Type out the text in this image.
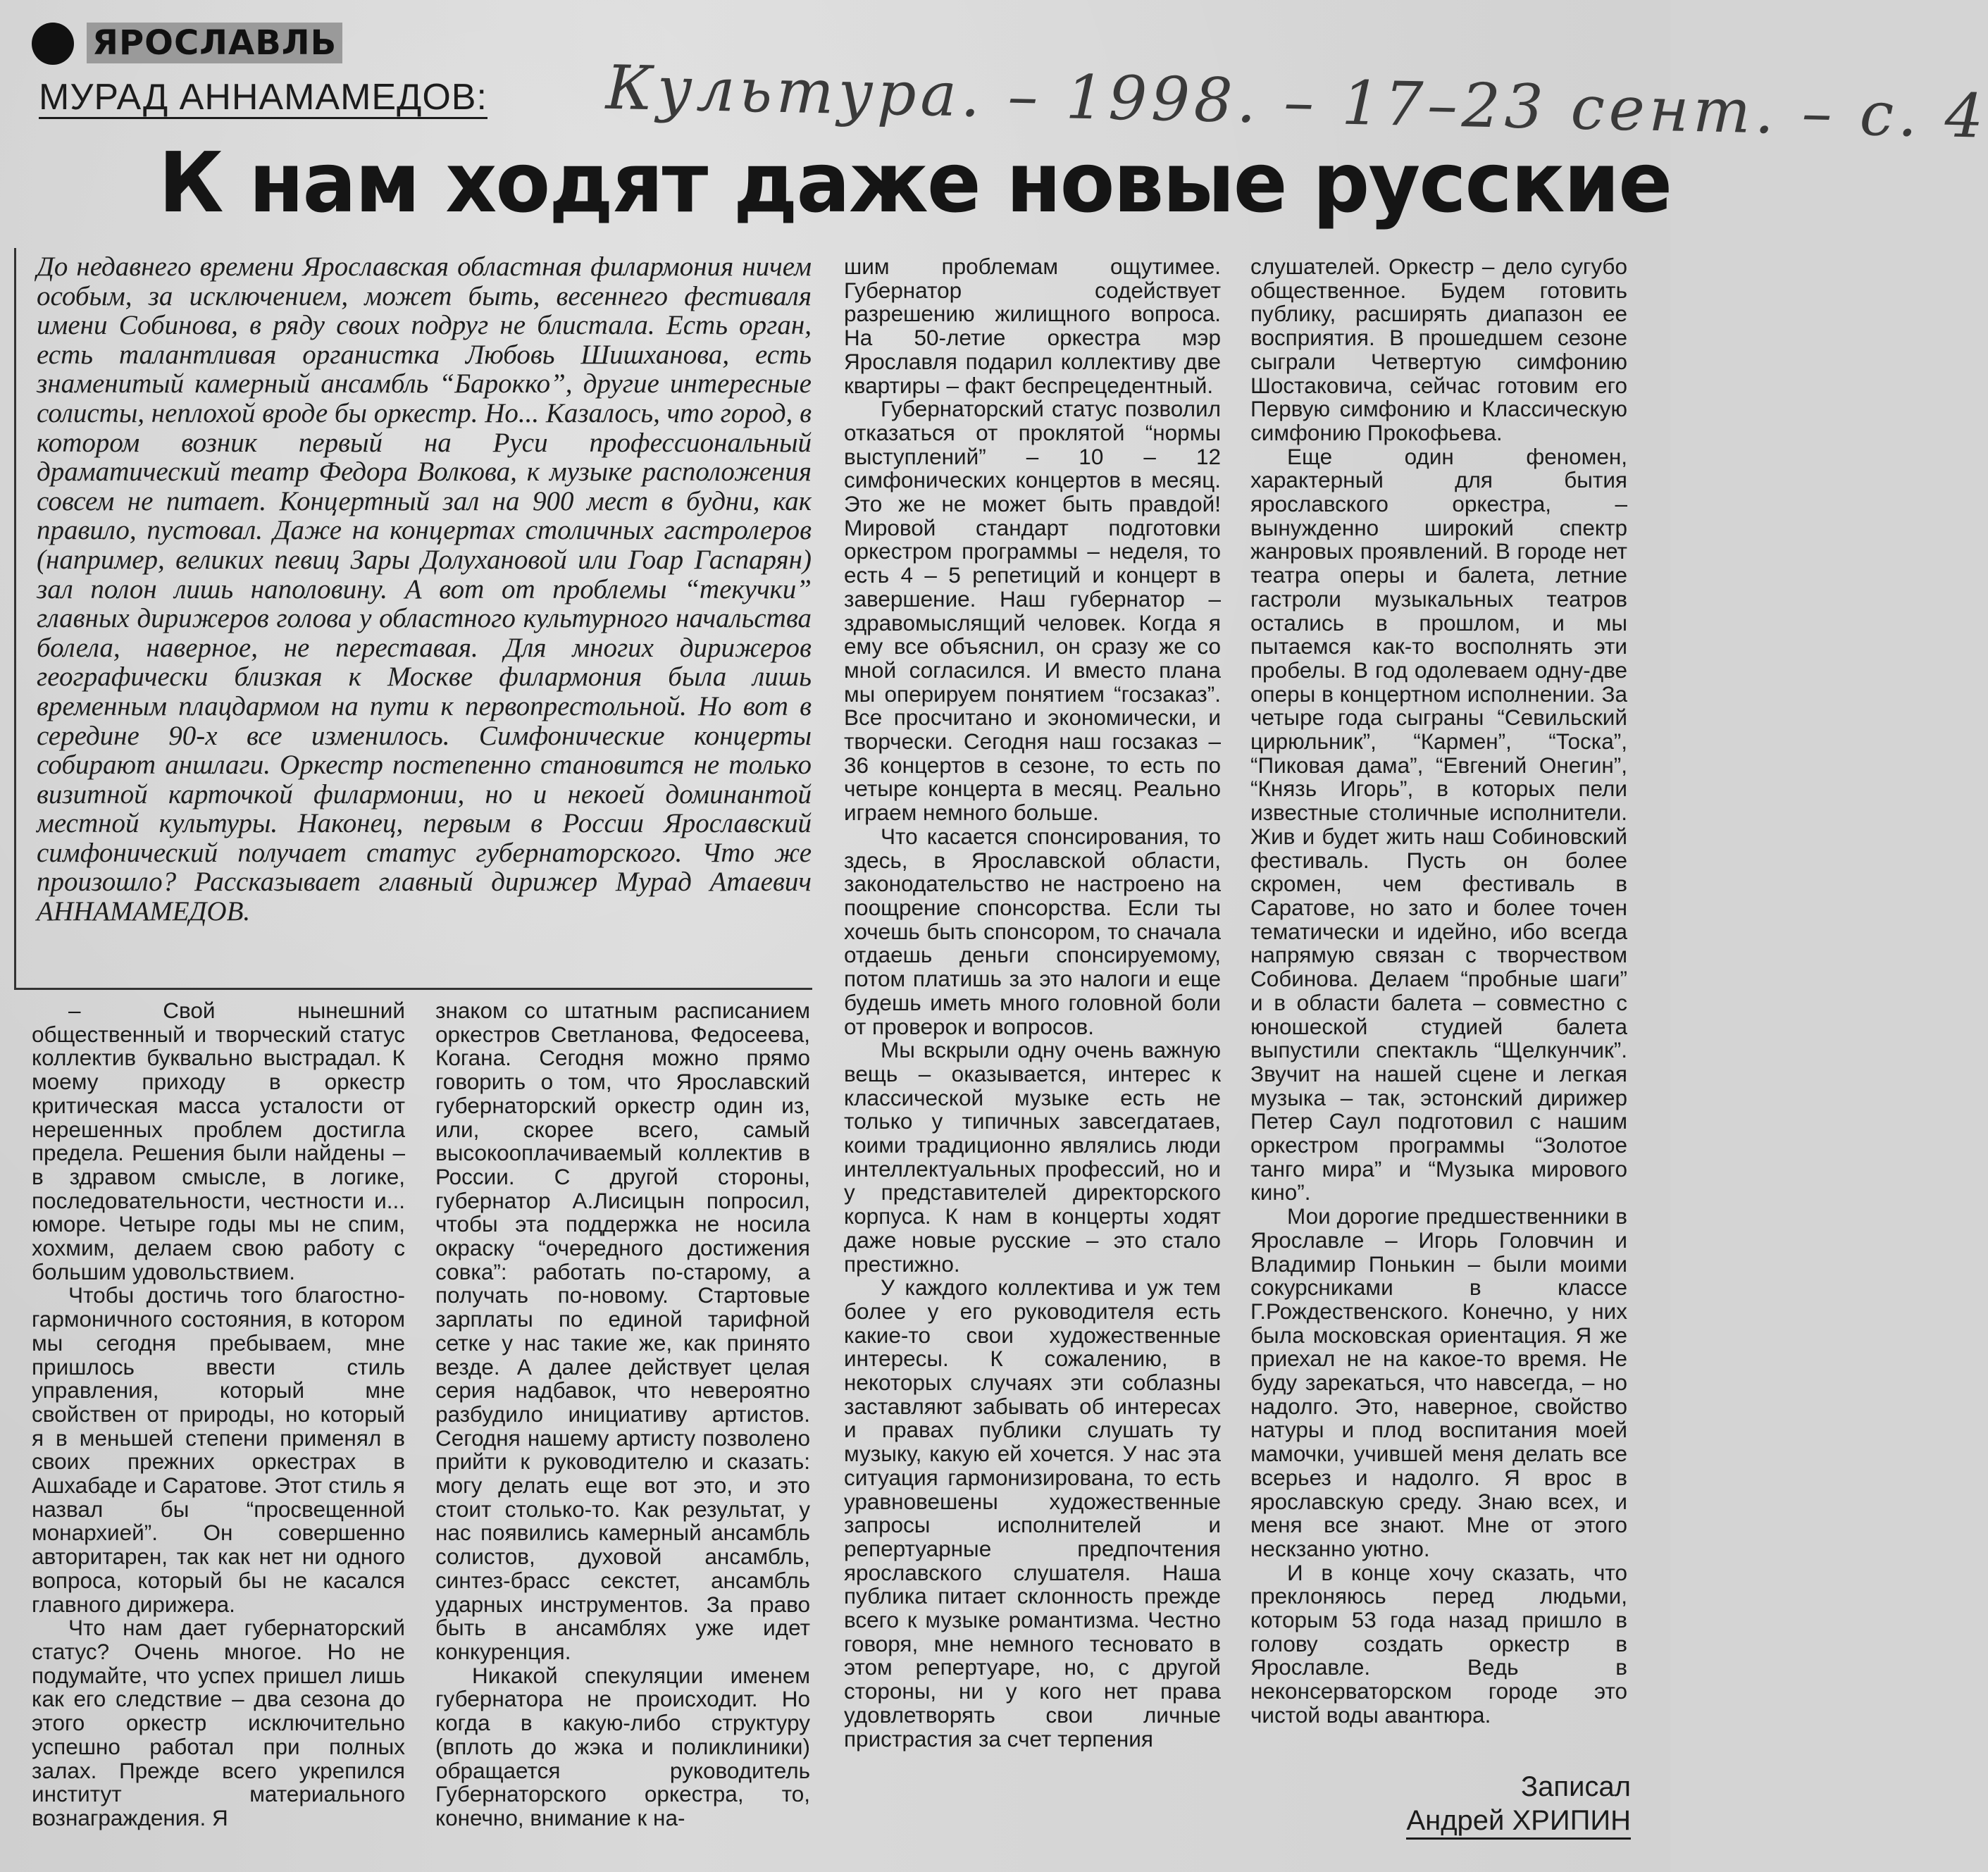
ЯРОСЛАВЛЬ
МУРАД АННАМАМЕДОВ: Культура. – 1998. – 17–23 сент. – с. 4
К нам ходят даже новые русские

До недавнего времени Ярославская областная филармония ничем особым, за исключением, может быть, весеннего фестиваля имени Собинова, в ряду своих подруг не блистала. Есть орган, есть талантливая органистка Любовь Шишханова, есть знаменитый камерный ансамбль “Барокко”, другие интересные солисты, неплохой вроде бы оркестр. Но... Казалось, что город, в котором возник первый на Руси профессиональный драматический театр Федора Волкова, к музыке расположения совсем не питает. Концертный зал на 900 мест в будни, как правило, пустовал. Даже на концертах столичных гастролеров (например, великих певиц Зары Долухановой или Гоар Гаспарян) зал полон лишь наполовину. А вот от проблемы “текучки” главных дирижеров голова у областного культурного начальства болела, наверное, не переставая. Для многих дирижеров географически близкая к Москве филармония была лишь временным плацдармом на пути к первопрестольной. Но вот в середине 90-х все изменилось. Симфонические концерты собирают аншлаги. Оркестр постепенно становится не только визитной карточкой филармонии, но и некоей доминантой местной культуры. Наконец, первым в России Ярославский симфонический получает статус губернаторского. Что же произошло? Рассказывает главный дирижер Мурад Атаевич АННАМАМЕДОВ.

– Свой нынешний общественный и творческий статус коллектив буквально выстрадал. К моему приходу в оркестр критическая масса усталости от нерешенных проблем достигла предела. Решения были найдены – в здравом смысле, в логике, последовательности, честности и... юморе. Четыре годы мы не спим, хохмим, делаем свою работу с большим удовольствием.

Чтобы достичь того благостно-гармоничного состояния, в котором мы сегодня пребываем, мне пришлось ввести стиль управления, который мне свойствен от природы, но который я в меньшей степени применял в своих прежних оркестрах в Ашхабаде и Саратове. Этот стиль я назвал бы “просвещенной монархией”. Он совершенно авторитарен, так как нет ни одного вопроса, который бы не касался главного дирижера.

Что нам дает губернаторский статус? Очень многое. Но не подумайте, что успех пришел лишь как его следствие – два сезона до этого оркестр исключительно успешно работал при полных залах. Прежде всего укрепился институт материального вознаграждения. Я

знаком со штатным расписанием оркестров Светланова, Федосеева, Когана. Сегодня можно прямо говорить о том, что Ярославский губернаторский оркестр один из, или, скорее всего, самый высокооплачиваемый коллектив в России. С другой стороны, губернатор А.Лисицын попросил, чтобы эта поддержка не носила окраску “очередного достижения совка”: работать по-старому, а получать по-новому. Стартовые зарплаты по единой тарифной сетке у нас такие же, как принято везде. А далее действует целая серия надбавок, что невероятно разбудило инициативу артистов. Сегодня нашему артисту позволено прийти к руководителю и сказать: могу делать еще вот это, и это стоит столько-то. Как результат, у нас появились камерный ансамбль солистов, духовой ансамбль, синтез-брасс секстет, ансамбль ударных инструментов. За право быть в ансамблях уже идет конкуренция.

Никакой спекуляции именем губернатора не происходит. Но когда в какую-либо структуру (вплоть до жэка и поликлиники) обращается руководитель Губернаторского оркестра, то, конечно, внимание к на-

шим проблемам ощутимее. Губернатор содействует разрешению жилищного вопроса. На 50-летие оркестра мэр Ярославля подарил коллективу две квартиры – факт беспрецедентный.

Губернаторский статус позволил отказаться от проклятой “нормы выступлений” – 10 – 12 симфонических концертов в месяц. Это же не может быть правдой! Мировой стандарт подготовки оркестром программы – неделя, то есть 4 – 5 репетиций и концерт в завершение. Наш губернатор – здравомыслящий человек. Когда я ему все объяснил, он сразу же со мной согласился. И вместо плана мы оперируем понятием “госзаказ”. Все просчитано и экономически, и творчески. Сегодня наш госзаказ – 36 концертов в сезоне, то есть по четыре концерта в месяц. Реально играем немного больше.

Что касается спонсирования, то здесь, в Ярославской области, законодательство не настроено на поощрение спонсорства. Если ты хочешь быть спонсором, то сначала отдаешь деньги спонсируемому, потом платишь за это налоги и еще будешь иметь много головной боли от проверок и вопросов.

Мы вскрыли одну очень важную вещь – оказывается, интерес к классической музыке есть не только у типичных завсегдатаев, коими традиционно являлись люди интеллектуальных профессий, но и у представителей директорского корпуса. К нам в концерты ходят даже новые русские – это стало престижно.

У каждого коллектива и уж тем более у его руководителя есть какие-то свои художественные интересы. К сожалению, в некоторых случаях эти соблазны заставляют забывать об интересах и правах публики слушать ту музыку, какую ей хочется. У нас эта ситуация гармонизирована, то есть уравновешены художественные запросы исполнителей и репертуарные предпочтения ярославского слушателя. Наша публика питает склонность прежде всего к музыке романтизма. Честно говоря, мне немного тесновато в этом репертуаре, но, с другой стороны, ни у кого нет права удовлетворять свои личные пристрастия за счет терпения

слушателей. Оркестр – дело сугубо общественное. Будем готовить публику, расширять диапазон ее восприятия. В прошедшем сезоне сыграли Четвертую симфонию Шостаковича, сейчас готовим его Первую симфонию и Классическую симфонию Прокофьева.

Еще один феномен, характерный для бытия ярославского оркестра, – вынужденно широкий спектр жанровых проявлений. В городе нет театра оперы и балета, летние гастроли музыкальных театров остались в прошлом, и мы пытаемся как-то восполнять эти пробелы. В год одолеваем одну-две оперы в концертном исполнении. За четыре года сыграны “Севильский цирюльник”, “Кармен”, “Тоска”, “Пиковая дама”, “Евгений Онегин”, “Князь Игорь”, в которых пели известные столичные исполнители. Жив и будет жить наш Собиновский фестиваль. Пусть он более скромен, чем фестиваль в Саратове, но зато и более точен тематически и идейно, ибо всегда напрямую связан с творчеством Собинова. Делаем “пробные шаги” и в области балета – совместно с юношеской студией балета выпустили спектакль “Щелкунчик”. Звучит на нашей сцене и легкая музыка – так, эстонский дирижер Петер Саул подготовил с нашим оркестром программы “Золотое танго мира” и “Музыка мирового кино”.

Мои дорогие предшественники в Ярославле – Игорь Головчин и Владимир Понькин – были моими сокурсниками в классе Г.Рождественского. Конечно, у них была московская ориентация. Я же приехал не на какое-то время. Не буду зарекаться, что навсегда, – но надолго. Это, наверное, свойство натуры и плод воспитания моей мамочки, учившей меня делать все всерьез и надолго. Я врос в ярославскую среду. Знаю всех, и меня все знают. Мне от этого нескзанно уютно.

И в конце хочу сказать, что преклоняюсь перед людьми, которым 53 года назад пришло в голову создать оркестр в Ярославле. Ведь в неконсерваторском городе это чистой воды авантюра.

Записал
Андрей ХРИПИН
